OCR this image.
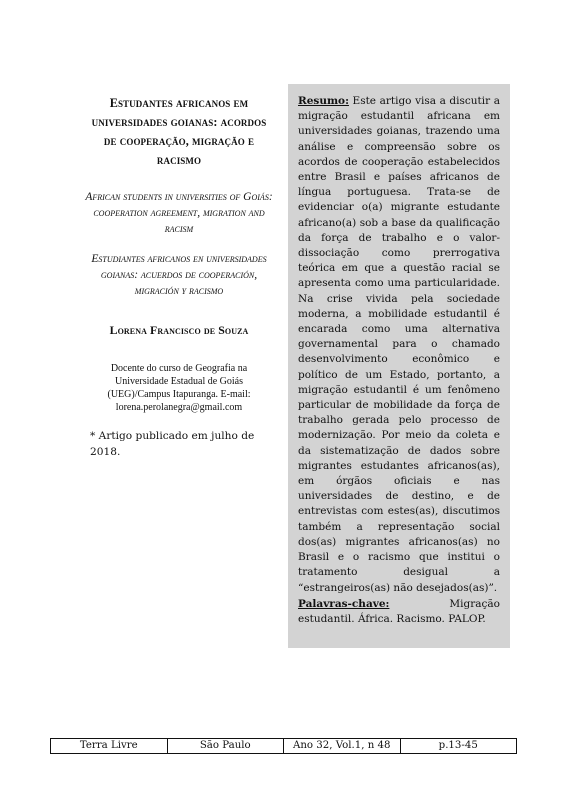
Estudantes africanos em universidades goianas: acordos de cooperação, migração e racismo

African students in universities of Goiás: cooperation agreement, migration and racism

Estudiantes africanos en universidades goianas: acuerdos de cooperación, migración y racismo

Lorena Francisco de Souza
Docente do curso de Geografia na Universidade Estadual de Goiás (UEG)/Campus Itapuranga. E-mail: lorena.perolanegra@gmail.com
* Artigo publicado em julho de 2018.

Resumo: Este artigo visa a discutir a migração estudantil africana em universidades goianas, trazendo uma análise e compreensão sobre os acordos de cooperação estabelecidos entre Brasil e países africanos de língua portuguesa. Trata-se de evidenciar o(a) migrante estudante africano(a) sob a base da qualificação da força de trabalho e o valor-dissociação como prerrogativa teórica em que a questão racial se apresenta como uma particularidade. Na crise vivida pela sociedade moderna, a mobilidade estudantil é encarada como uma alternativa governamental para o chamado desenvolvimento econômico e político de um Estado, portanto, a migração estudantil é um fenômeno particular de mobilidade da força de trabalho gerada pelo processo de modernização. Por meio da coleta e da sistematização de dados sobre migrantes estudantes africanos(as), em órgãos oficiais e nas universidades de destino, e de entrevistas com estes(as), discutimos também a representação social dos(as) migrantes africanos(as) no Brasil e o racismo que institui o tratamento desigual a “estrangeiros(as) não desejados(as)”.

Palavras-chave: Migração estudantil. África. Racismo. PALOP.

Terra Livre	São Paulo	Ano 32, Vol.1, n 48	p.13-45
